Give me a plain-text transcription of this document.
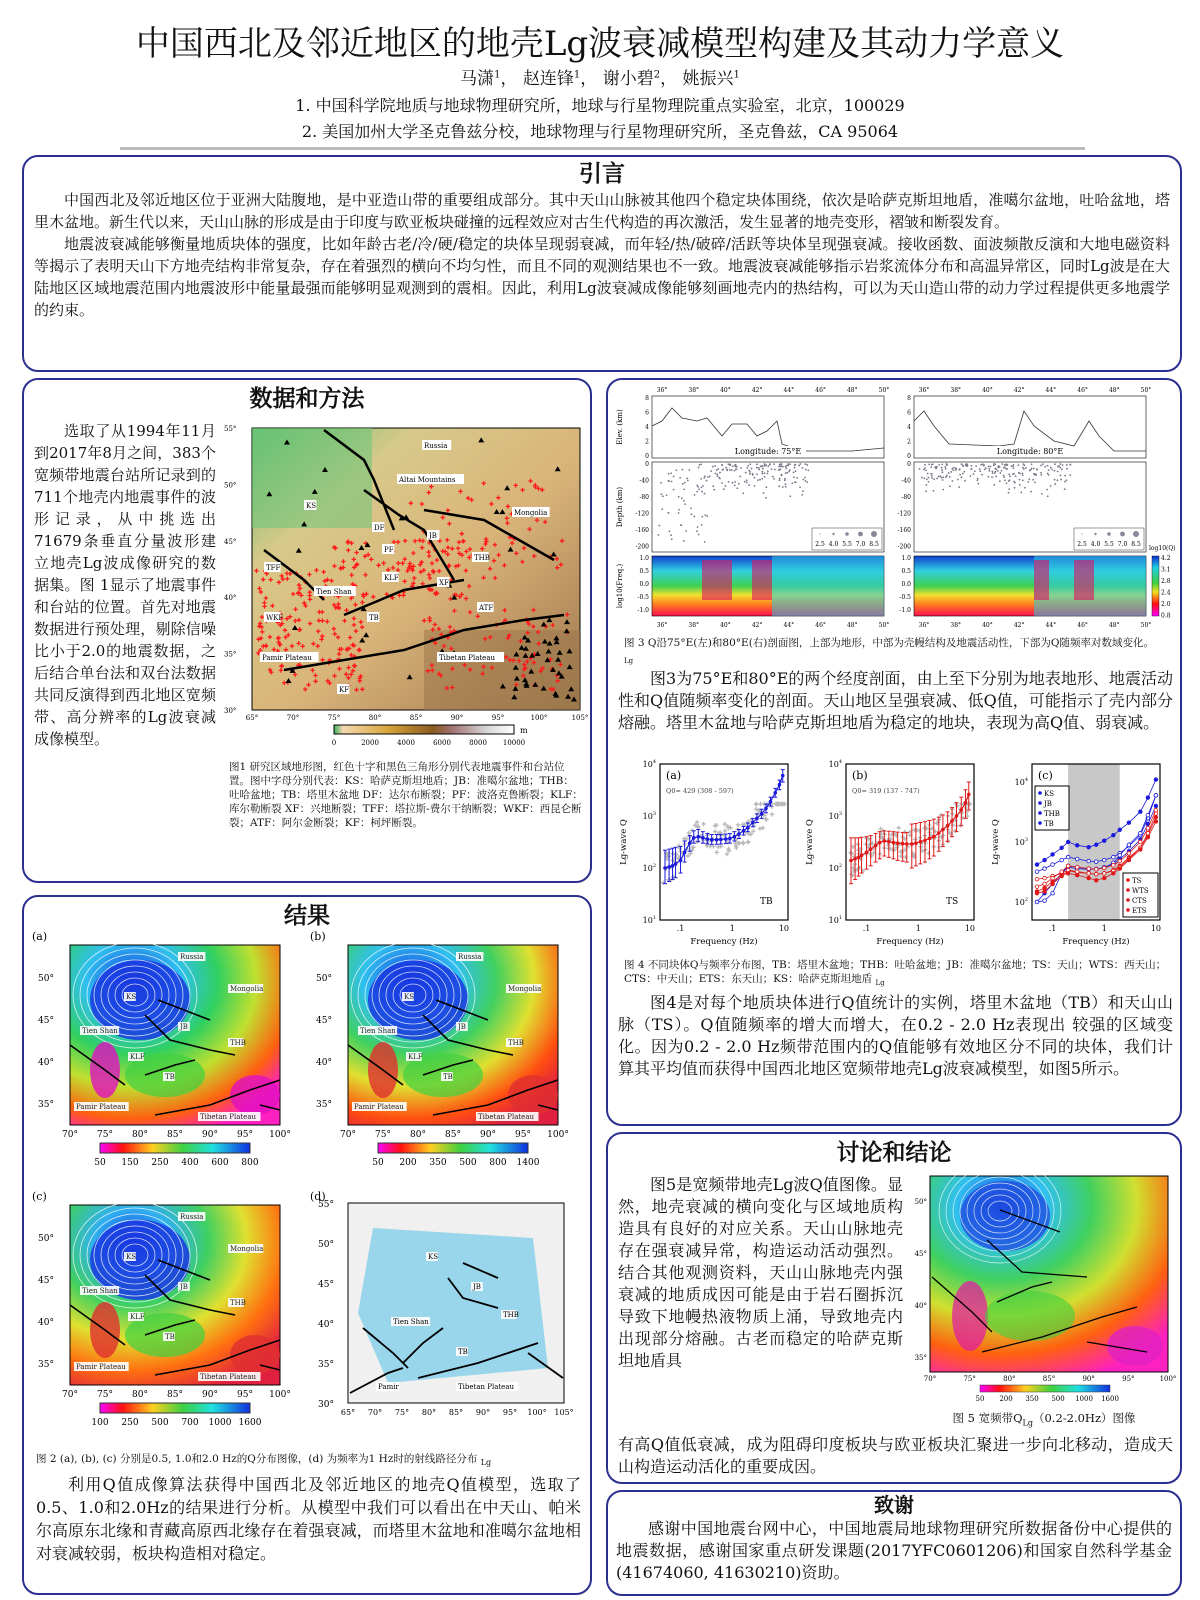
中国西北及邻近地区的地壳Lg波衰减模型构建及其动力学意义
马潇$^1$， 赵连锋$^1$， 谢小碧$^2$， 姚振兴$^1$
1. 中国科学院地质与地球物理研究所，地球与行星物理院重点实验室，北京，100029
2. 美国加州大学圣克鲁兹分校，地球物理与行星物理研究所，圣克鲁兹，CA 95064
引言

中国西北及邻近地区位于亚洲大陆腹地，是中亚造山带的重要组成部分。其中天山山脉被其他四个稳定块体围绕，依次是哈萨克斯坦地盾，准噶尔盆地，吐哈盆地，塔里木盆地。新生代以来，天山山脉的形成是由于印度与欧亚板块碰撞的远程效应对古生代构造的再次激活，发生显著的地壳变形，褶皱和断裂发育。

地震波衰减能够衡量地质块体的强度，比如年龄古老/冷/硬/稳定的块体呈现弱衰减，而年轻/热/破碎/活跃等块体呈现强衰减。接收函数、面波频散反演和大地电磁资料等揭示了表明天山下方地壳结构非常复杂，存在着强烈的横向不均匀性，而且不同的观测结果也不一致。地震波衰减能够指示岩浆流体分布和高温异常区，同时Lg波是在大陆地区区域地震范围内地震波形中能量最强而能够明显观测到的震相。因此，利用Lg波衰减成像能够刻画地壳内的热结构，可以为天山造山带的动力学过程提供更多地震学的约束。

数据和方法

选取了从1994年11月到2017年8月之间，383个宽频带地震台站所记录到的711个地壳内地震事件的波形记录，从中挑选出71679条垂直分量波形建立地壳Lg波成像研究的数据集。图 1显示了地震事件和台站的位置。首先对地震数据进行预处理，剔除信噪比小于2.0的地震数据，之后结合单台法和双台法数据共同反演得到西北地区宽频带、高分辨率的Lg波衰减成像模型。

Russia
KS
Altai Mountains
Mongolia
DF
JB
PF
THB
TFF
Tien Shan
KLF
XF
WKF	TB
ATF
Pamir Plateau
KF
Tibetan Plateau
55°
50°
45°
40°
35°
30°
65°	70°	75°	80°	85°	90°	95°	100°	105°
m
0	2000	4000	6000	8000 10000

图1 研究区域地形图，红色十字和黑色三角形分别代表地震事件和台站位置。图中字母分别代表：KS：哈萨克斯坦地盾；JB：准噶尔盆地；THB：吐哈盆地；TB：塔里木盆地 DF：达尔布断裂；PF：波洛克鲁断裂；KLF：库尔勒断裂 XF：兴地断裂；TFF：塔拉斯-费尔干纳断裂；WKF：西昆仑断裂；ATF：阿尔金断裂；KF：柯坪断裂。

结果
(a)
Russia
KS
Mongolia
JB
THB
TB
Tien Shan
KLF
Pamir Plateau
Tibetan Plateau
50°
45°
40°
35°
70° 75° 80° 85° 90° 95° 100°
50 150 250 400 600 800
(b)
Russia
KS
Mongolia
JB
THB
TB
Tien Shan
KLF
Pamir Plateau
Tibetan Plateau
50°
45°
40°
35°
70° 75° 80° 85° 90° 95° 100°
50 200 350 500 800 1400
(c)
Russia
KS
Mongolia
JB
THB
TB
Tien Shan
KLF
Pamir Plateau
Tibetan Plateau
50°
45°
40°
35°
70° 75° 80° 85° 90° 95° 100°
100 250 500 700 1000 1600
(d)
KS
JB
THB
Tien Shan
TB
Pamir	Tibetan Plateau
55°
50°
45°
40°
35°
30°
65° 70° 75° 80° 85° 90° 95° 100° 105°

图 2 (a), (b), (c) 分别是0.5, 1.0和2.0 Hz的Q分布图像，(d) 为频率为1 Hz时的射线路径分布 $_{Lg}$

利用Q值成像算法获得中国西北及邻近地区的地壳Q值模型，选取了0.5、1.0和2.0Hz的结果进行分析。从模型中我们可以看出在中天山、帕米尔高原东北缘和青藏高原西北缘存在着强衰减，而塔里木盆地和准噶尔盆地相对衰减较弱，板块构造相对稳定。

36°	38°	40°	42°	44°	46°	48°	50°
Longitude: 75°E
2.5 4.0 5.5 7.0 8.5
36°	38°	40°	42°	44°	46°	48°	50°
8
6
4
2
0
0
-40
-80
-120
-160
-200
1.0
0.5
0.0
-0.5
-1.0
36°	38°	40°	42°	44°	46°	48°	50°
Longitude: 80°E
2.5 4.0 5.5 7.0 8.5
36°	38°	40°	42°	44°	46°	48°	50°
8
6
4
2
0
0
-40
-80
-120
-160
-200
1.0
0.5
0.0
-0.5
-1.0
Elev. (km)
Depth (km)
log10(Freq.)
log10(Q)
4.2
3.1
2.8
2.4
2.0
0.8

图 3 Q沿75°E(左)和80°E(右)剖面图，上部为地形，中部为壳幔结构及地震活动性，下部为Q随频率对数域变化。 $_{Lg}$

图3为75°E和80°E的两个经度剖面，由上至下分别为地表地形、地震活动性和Q值随频率变化的剖面。天山地区呈强衰减、低Q值，可能指示了壳内部分熔融。塔里木盆地与哈萨克斯坦地盾为稳定的地块，表现为高Q值、弱衰减。

$10^1$
$10^2$
$10^3$
$10^4$
.1	1	10
Frequency (Hz)
Lg-wave Q
(a)
Q0= 429 (308 - 597)
TB
$10^1$
$10^2$
$10^3$
$10^4$
.1	1	10
Frequency (Hz)
Lg-wave Q
(b)
Q0= 319 (137 - 747)
TS	$10^2$
$10^3$
$10^4$
.1	1	10
Frequency (Hz)
Lg-wave Q
(c)
KS
JB
THB
TB
TS
WTS
CTS
ETS

图 4 不同块体Q与频率分布图，TB：塔里木盆地；THB：吐哈盆地；JB：准噶尔盆地；TS：天山；WTS：西天山；CTS：中天山；ETS：东天山；KS：哈萨克斯坦地盾 $_{Lg}$

图4是对每个地质块体进行Q值统计的实例，塔里木盆地（TB）和天山山脉（TS）。Q值随频率的增大而增大，在0.2 - 2.0 Hz表现出 较强的区域变化。因为0.2 - 2.0 Hz频带范围内的Q值能够有效地区分不同的块体，我们计算其平均值而获得中国西北地区宽频带地壳Lg波衰减模型，如图5所示。

讨论和结论

图5是宽频带地壳Lg波Q值图像。显然，地壳衰减的横向变化与区域地质构造具有良好的对应关系。天山山脉地壳存在强衰减异常，构造运动活动强烈。结合其他观测资料，天山山脉地壳内强衰减的地质成因可能是由于岩石圈拆沉导致下地幔热液物质上涌，导致地壳内出现部分熔融。古老而稳定的哈萨克斯坦地盾具

有高Q值低衰减，成为阻碍印度板块与欧亚板块汇聚进一步向北移动，造成天山构造运动活化的重要成因。

50°
45°
40°
35°
70°	75°	80°	85°	90°	95°	100°
50 200 350 500 1000 1600

图 5 宽频带$Q_{Lg}(0.2-2.0Hz)$图像

致谢

感谢中国地震台网中心，中国地震局地球物理研究所数据备份中心提供的地震数据，感谢国家重点研发课题(2017YFC0601206)和国家自然科学基金(41674060, 41630210)资助。
